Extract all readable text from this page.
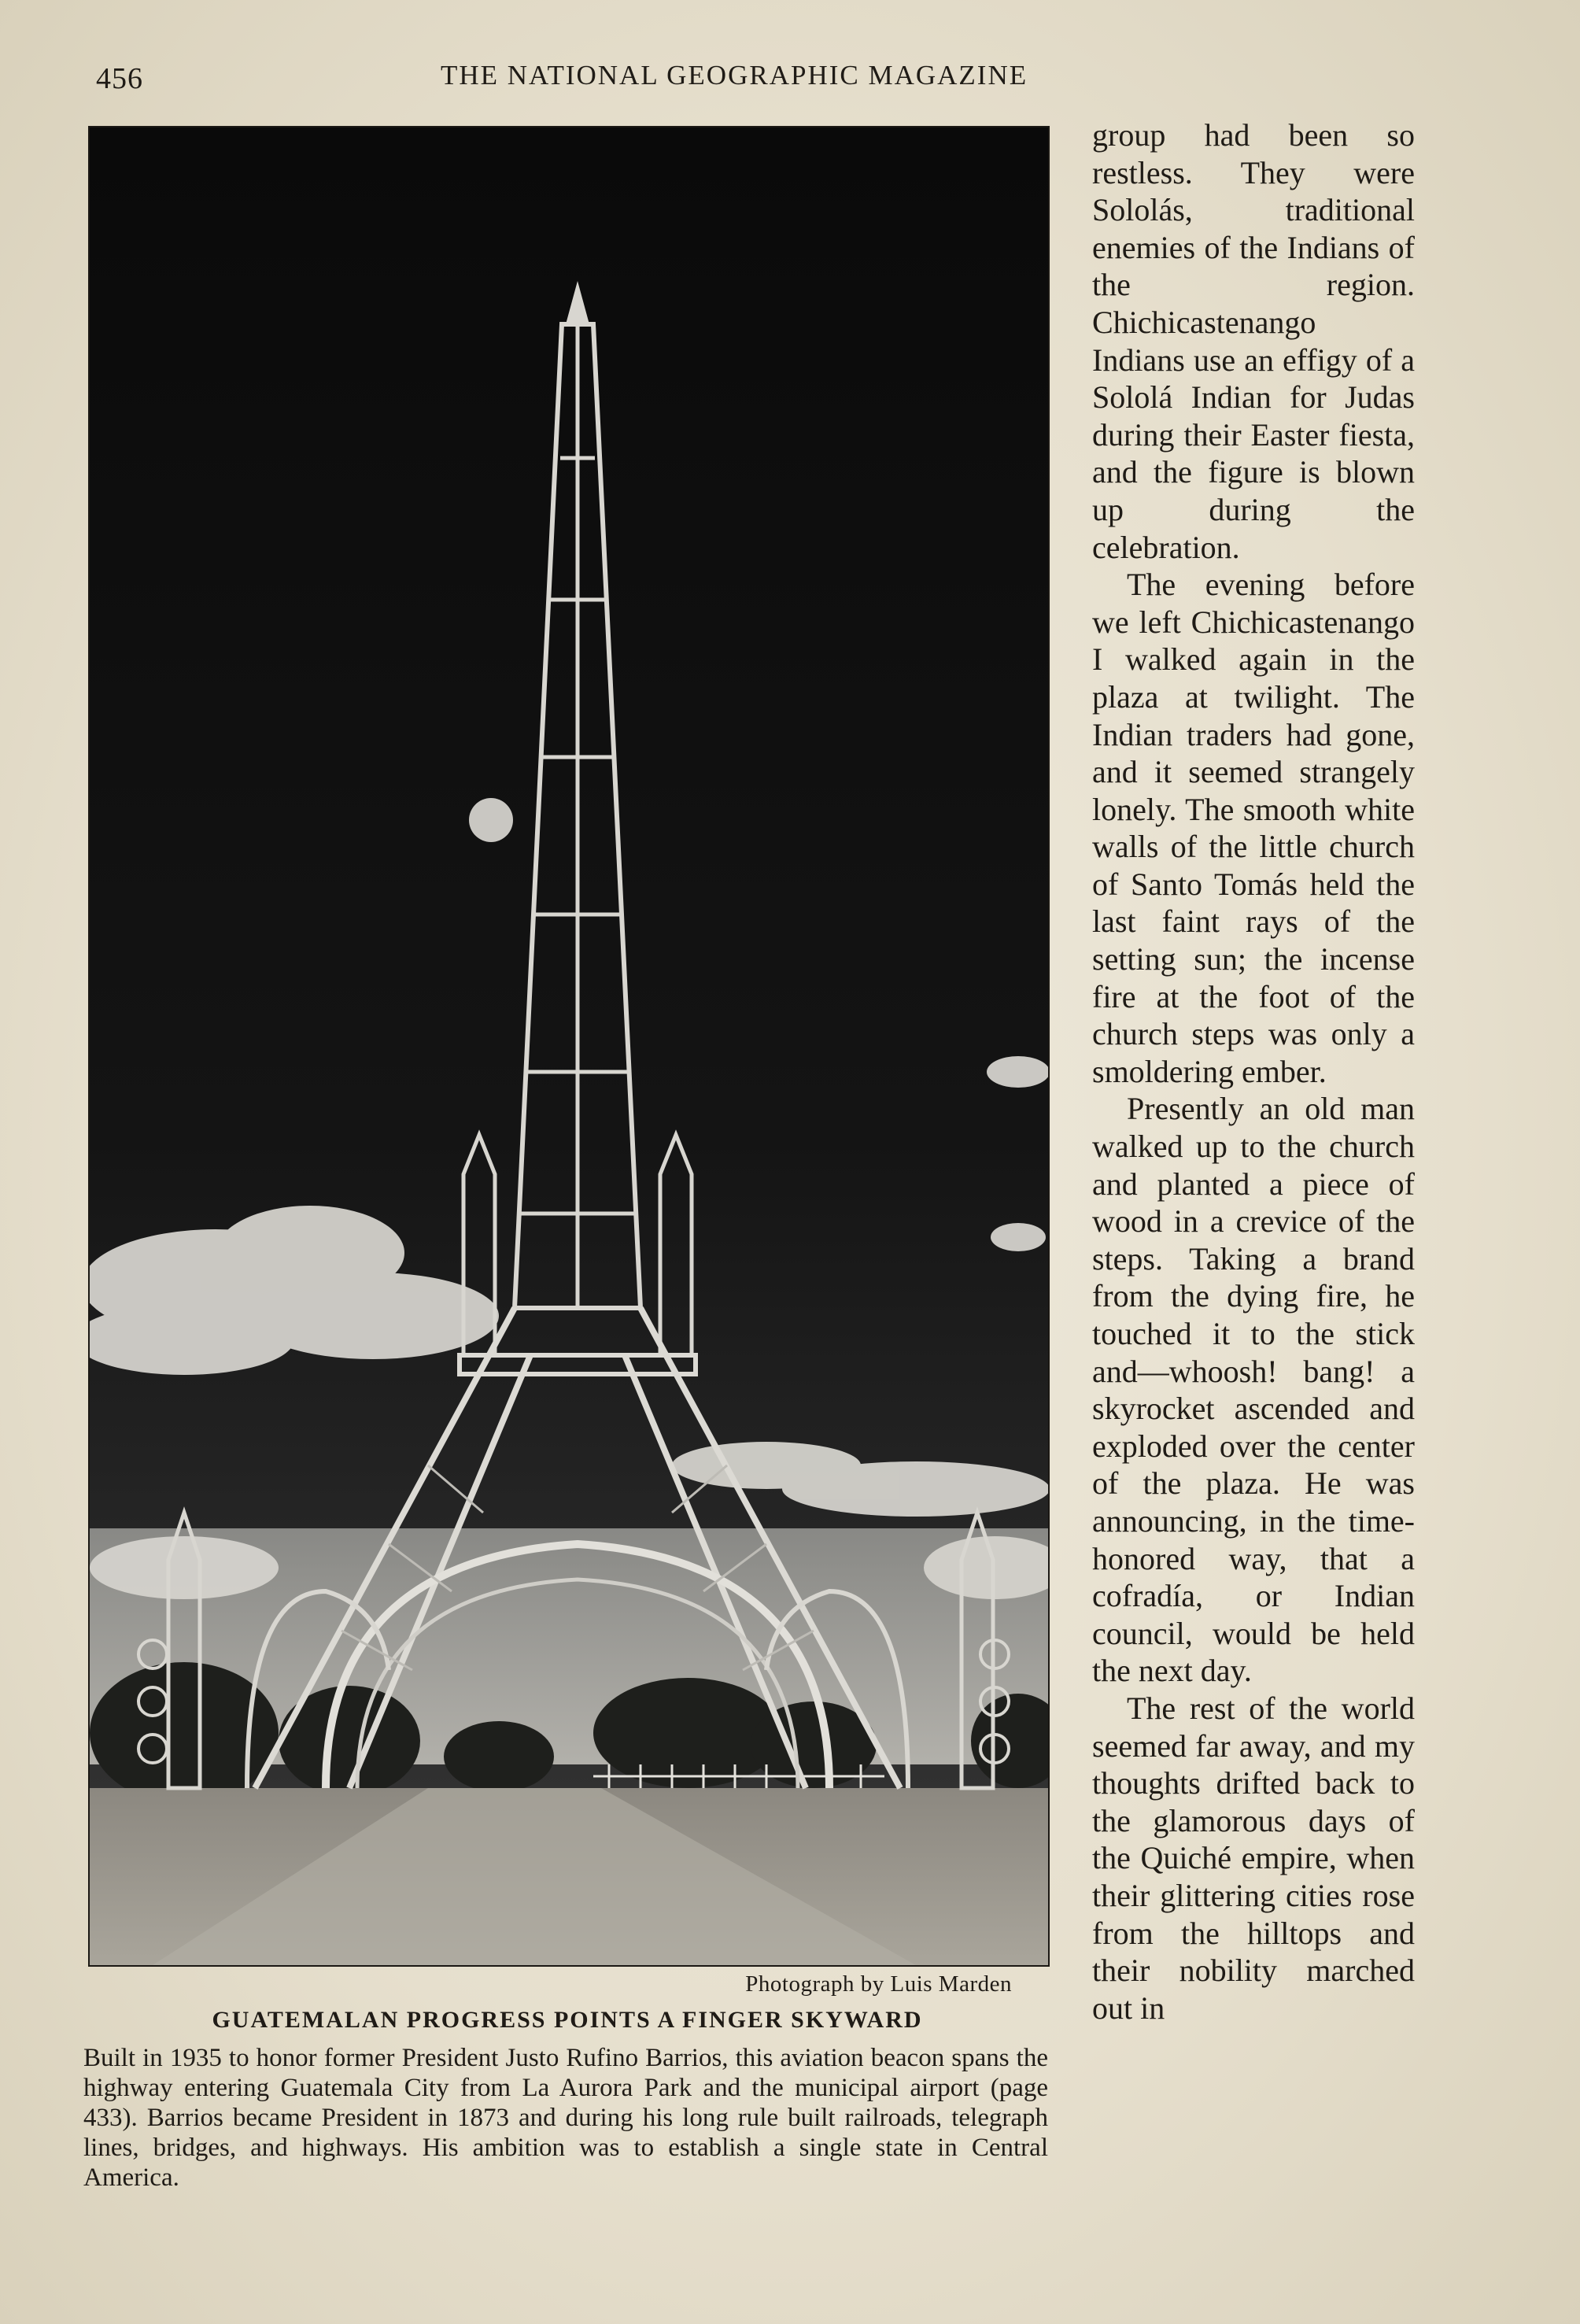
456	THE NATIONAL GEOGRAPHIC MAGAZINE
Photograph by Luis Marden
GUATEMALAN PROGRESS POINTS A FINGER SKYWARD
Built in 1935 to honor former President Justo Rufino Barrios, this aviation beacon spans the highway entering Guatemala City from La Aurora Park and the municipal airport (page 433). Barrios became President in 1873 and during his long rule built railroads, telegraph lines, bridges, and highways. His ambition was to establish a single state in Central America.

group had been so restless. They were Sololás, traditional enemies of the Indians of the region. Chichicastenango Indians use an effigy of a Sololá Indian for Judas during their Easter fiesta, and the figure is blown up during the celebration.

The evening before we left Chichicastenango I walked again in the plaza at twilight. The Indian traders had gone, and it seemed strangely lonely. The smooth white walls of the little church of Santo Tomás held the last faint rays of the setting sun; the incense fire at the foot of the church steps was only a smoldering ember.

Presently an old man walked up to the church and planted a piece of wood in a crevice of the steps. Taking a brand from the dying fire, he touched it to the stick and—whoosh! bang! a skyrocket ascended and exploded over the center of the plaza. He was announcing, in the time-honored way, that a cofradía, or Indian council, would be held the next day.

The rest of the world seemed far away, and my thoughts drifted back to the glamorous days of the Quiché empire, when their glittering cities rose from the hilltops and their nobility marched out in
